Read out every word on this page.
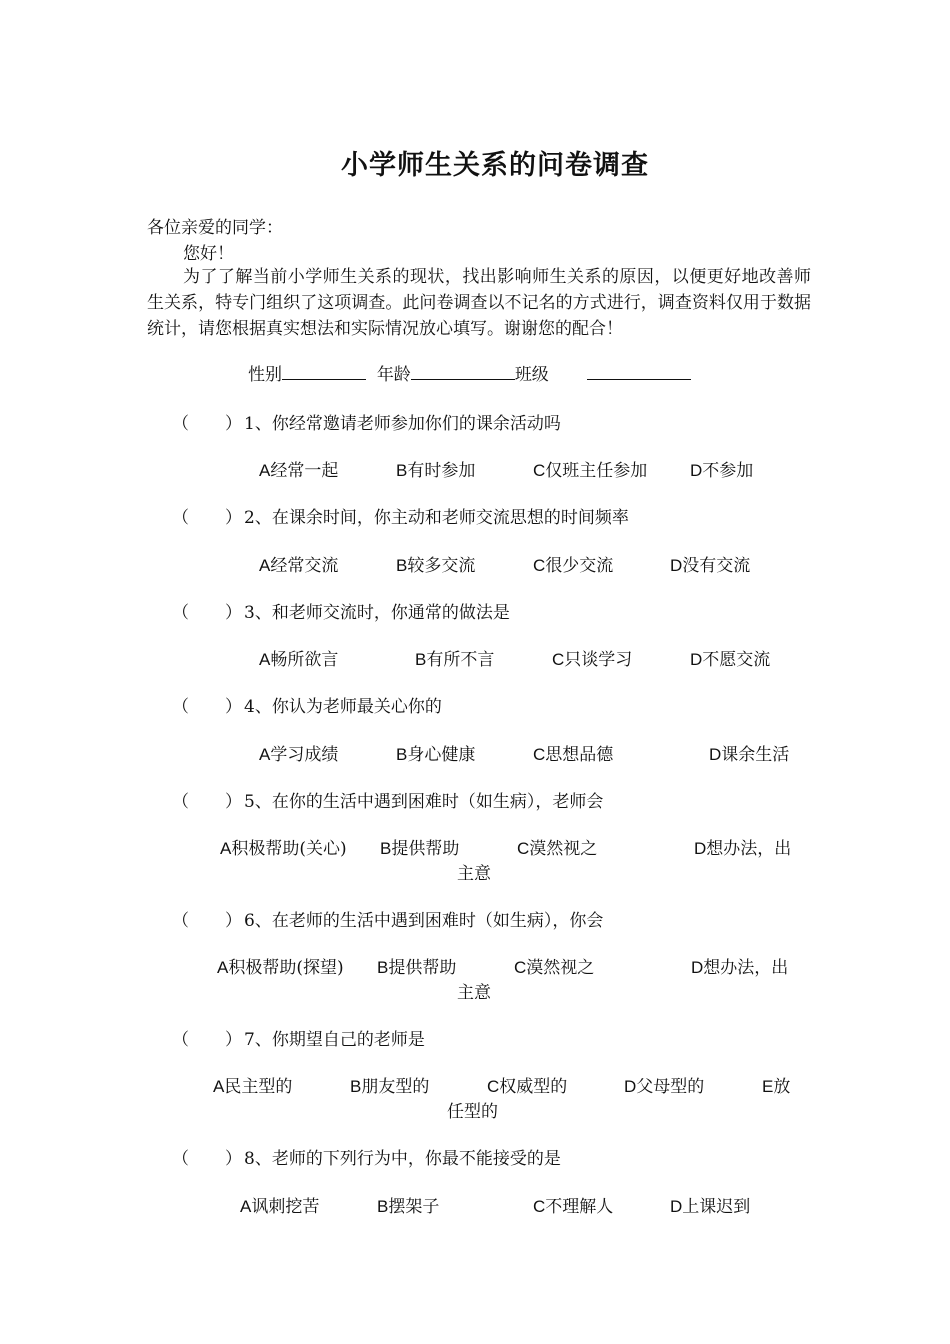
小学师生关系的问卷调查
各位亲爱的同学：
您好！
为了了解当前小学师生关系的现状，找出影响师生关系的原因，以便更好地改善师生关系，特专门组织了这项调查。此问卷调查以不记名的方式进行，调查资料仅用于数据统计，请您根据真实想法和实际情况放心填写。谢谢您的配合！
性别	年龄	班级
（ ） 1、你经常邀请老师参加你们的课余活动吗
A经常一起	B有时参加	C仅班主任参加	D不参加
（ ） 2、在课余时间，你主动和老师交流思想的时间频率
A经常交流	B较多交流	C很少交流	D没有交流
（ ） 3、和老师交流时，你通常的做法是
A畅所欲言	B有所不言	C只谈学习	D不愿交流
（ ） 4、你认为老师最关心你的
A学习成绩	B身心健康	C思想品德	D课余生活
（ ） 5、在你的生活中遇到困难时（如生病），老师会
A积极帮助(关心) B提供帮助	C漠然视之	D想办法，出
主意
（ ） 6、在老师的生活中遇到困难时（如生病），你会
A积极帮助(探望) B提供帮助	C漠然视之	D想办法，出
主意
（ ） 7、你期望自己的老师是
A民主型的	B朋友型的	C权威型的	D父母型的	E放
任型的
（ ） 8、老师的下列行为中，你最不能接受的是
A讽刺挖苦	B摆架子	C不理解人	D上课迟到
